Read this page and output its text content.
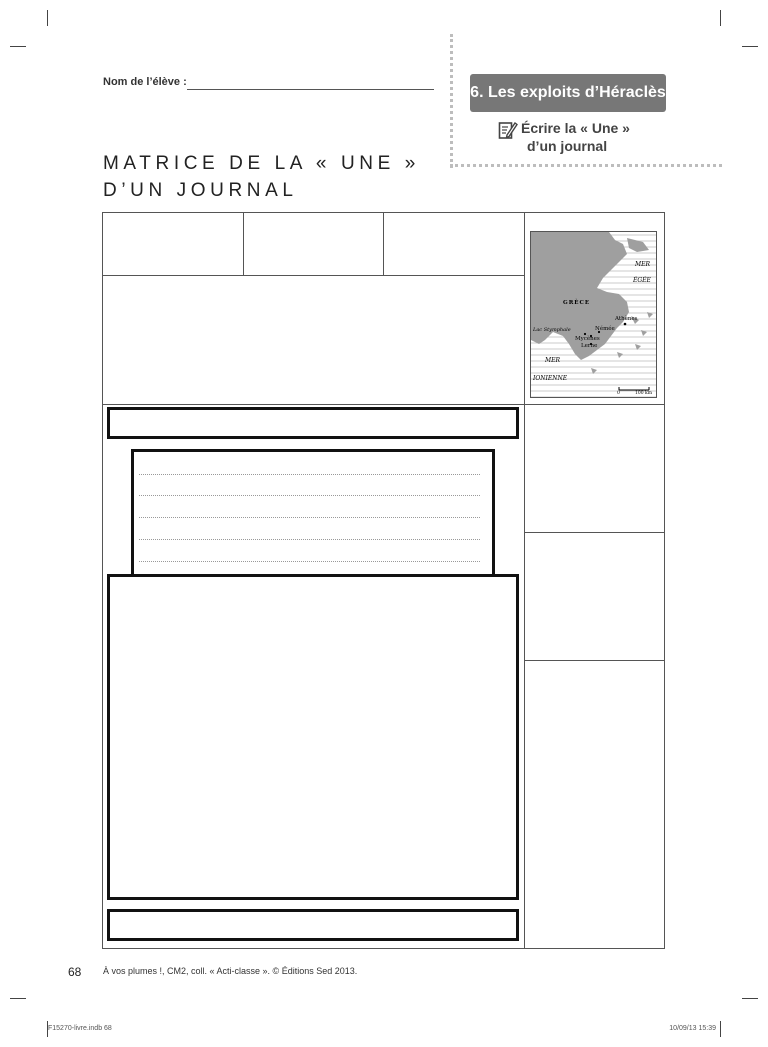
Nom de l’élève :
6. Les exploits d’Héraclès
Écrire la « Une »
d’un journal
MATRICE DE LA « UNE »
D’UN JOURNAL
MER
ÉGÉE
Lac Stymphale
MER
IONIENNE
GRÈCE
Athènes
Némée
Mycènes
Lerne
0	100 km
68 À vos plumes !, CM2, coll. « Acti-classe ». © Éditions Sed 2013.
F15270-livre.indb 68	10/09/13 15:39
